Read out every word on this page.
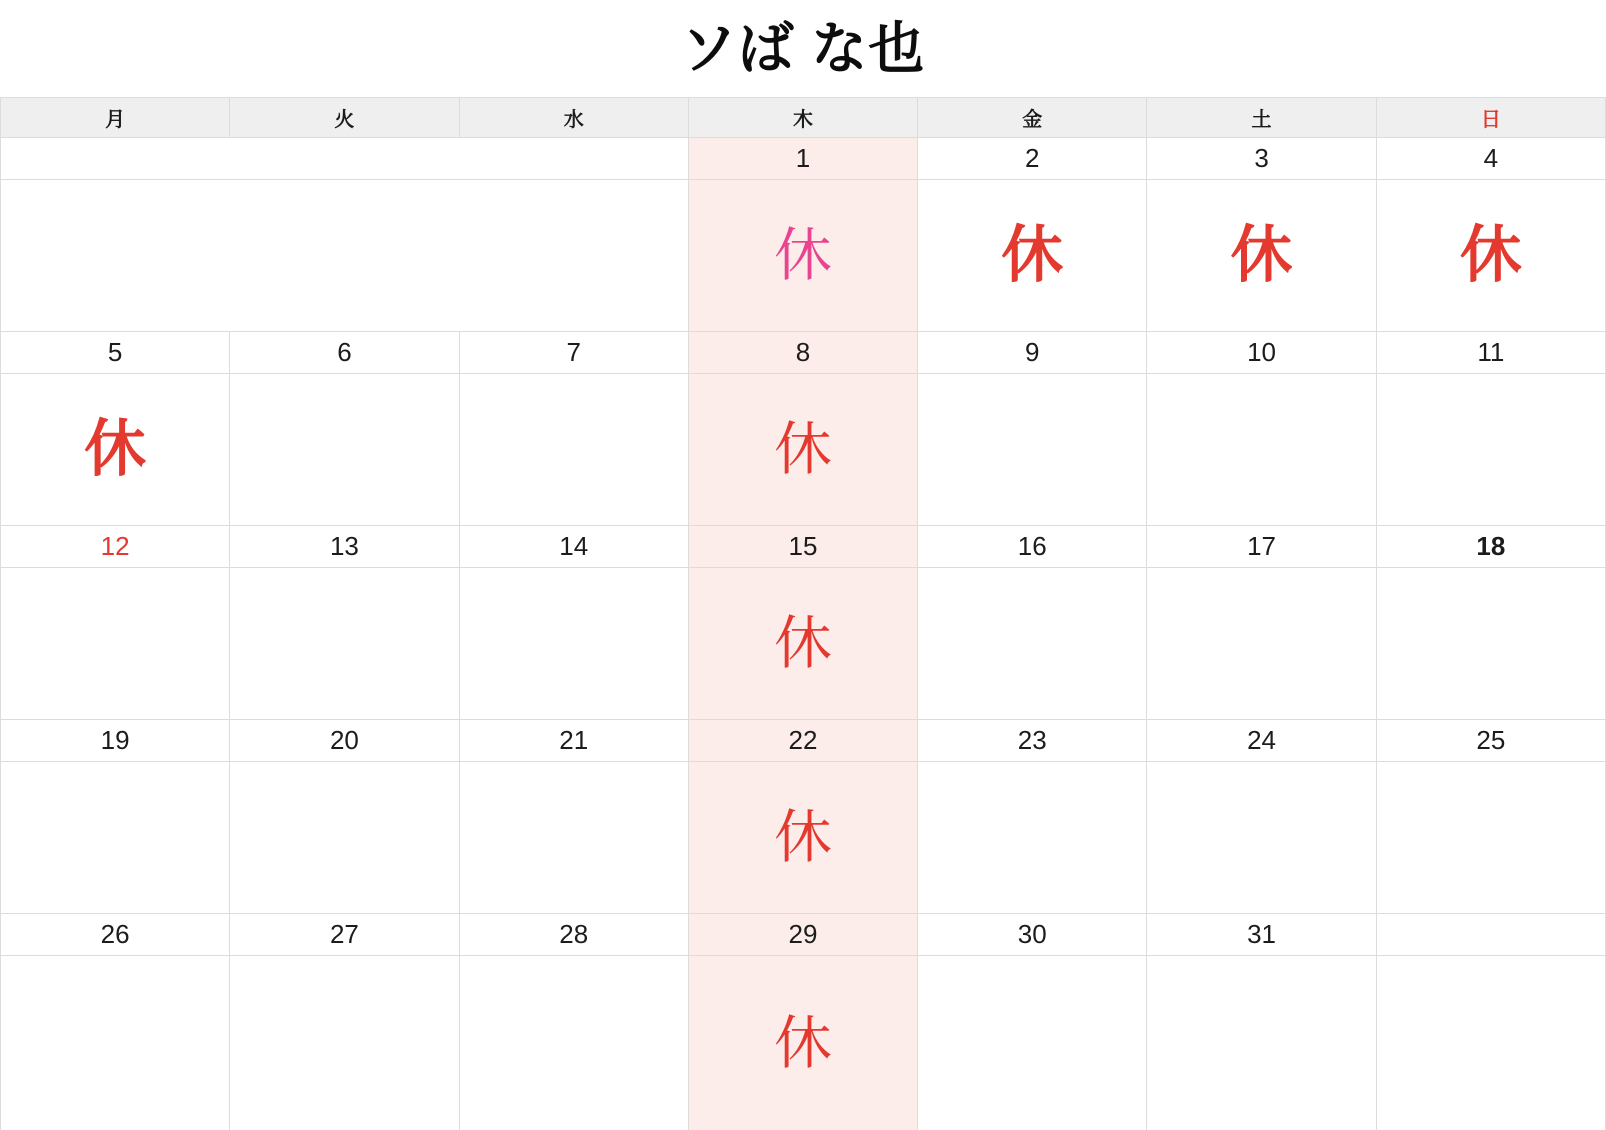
ソば な也
月	火	水	木	金	土	日
			1	2	3	4
			休	休	休	休
5	6	7	8	9	10	11
休			休			
12	13	14	15	16	17	18
			休			
19	20	21	22	23	24	25
			休			
26	27	28	29	30	31	
			休			
